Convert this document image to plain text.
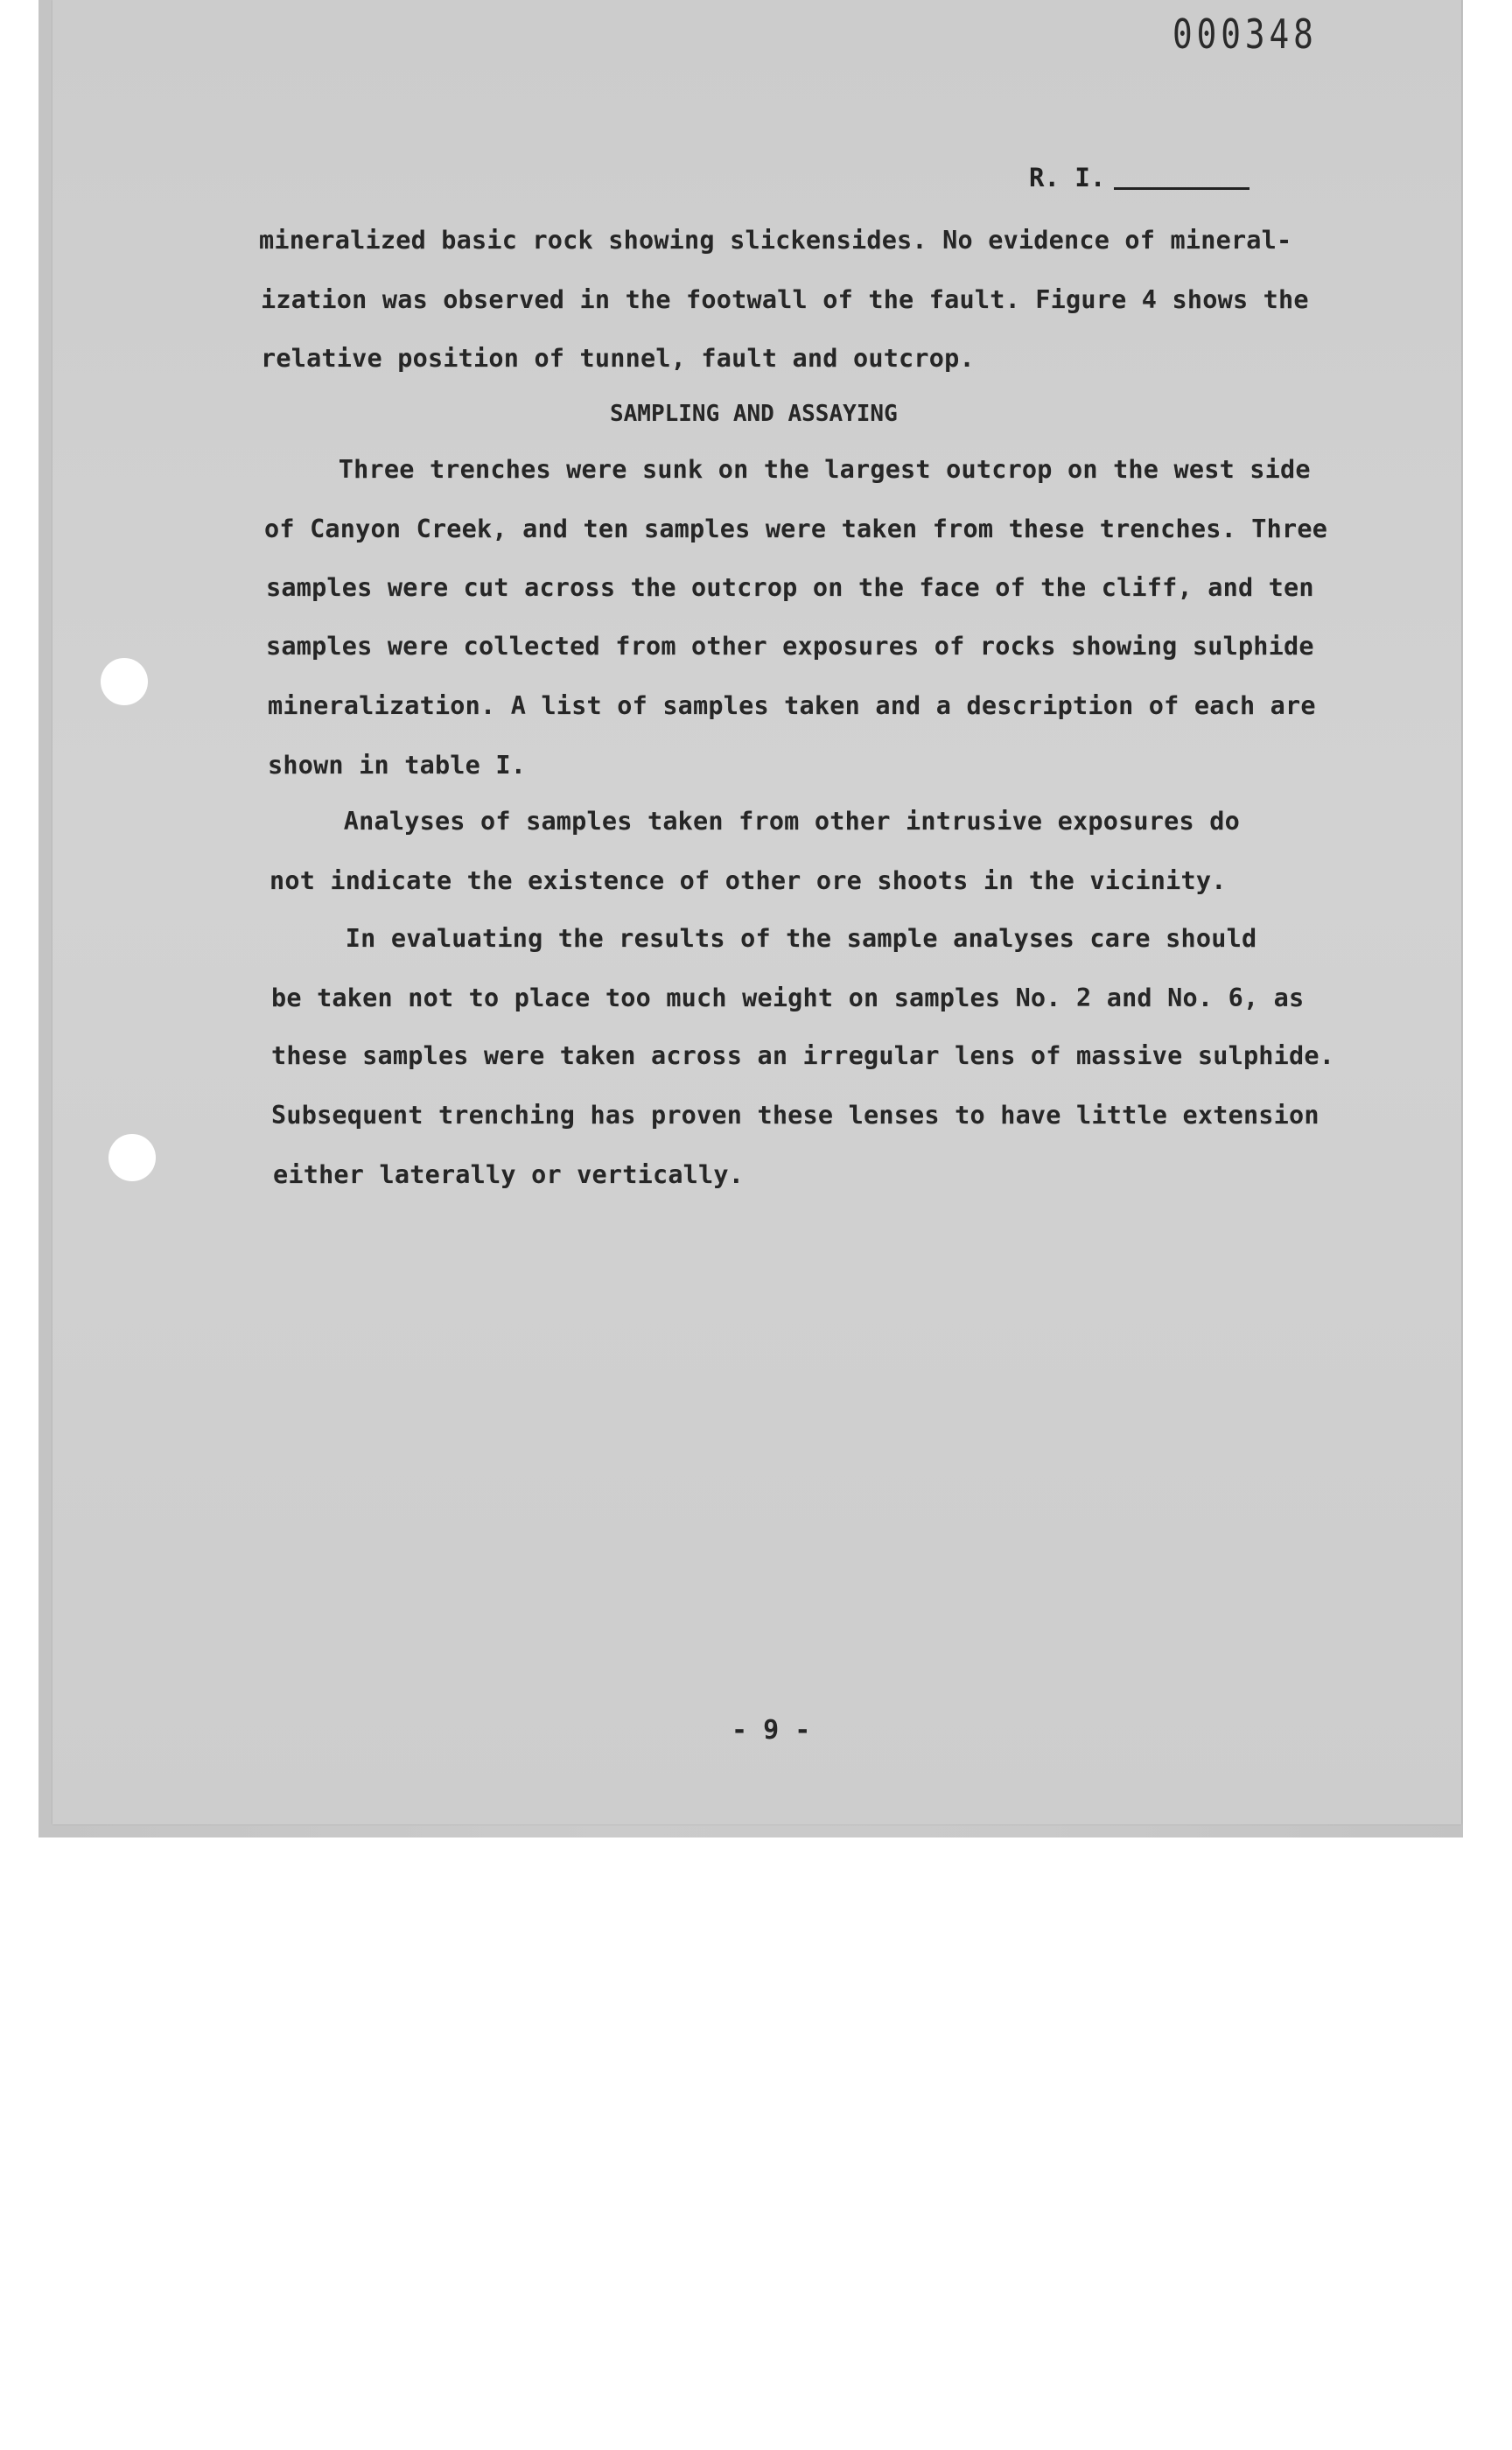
000348
R. I.
mineralized basic rock showing slickensides. No evidence of mineral-
ization was observed in the footwall of the fault. Figure 4 shows the
relative position of tunnel, fault and outcrop.
SAMPLING AND ASSAYING
Three trenches were sunk on the largest outcrop on the west side
of Canyon Creek, and ten samples were taken from these trenches. Three
samples were cut across the outcrop on the face of the cliff, and ten
samples were collected from other exposures of rocks showing sulphide
mineralization. A list of samples taken and a description of each are
shown in table I.
Analyses of samples taken from other intrusive exposures do
not indicate the existence of other ore shoots in the vicinity.
In evaluating the results of the sample analyses care should
be taken not to place too much weight on samples No. 2 and No. 6, as
these samples were taken across an irregular lens of massive sulphide.
Subsequent trenching has proven these lenses to have little extension
either laterally or vertically.
- 9 -
